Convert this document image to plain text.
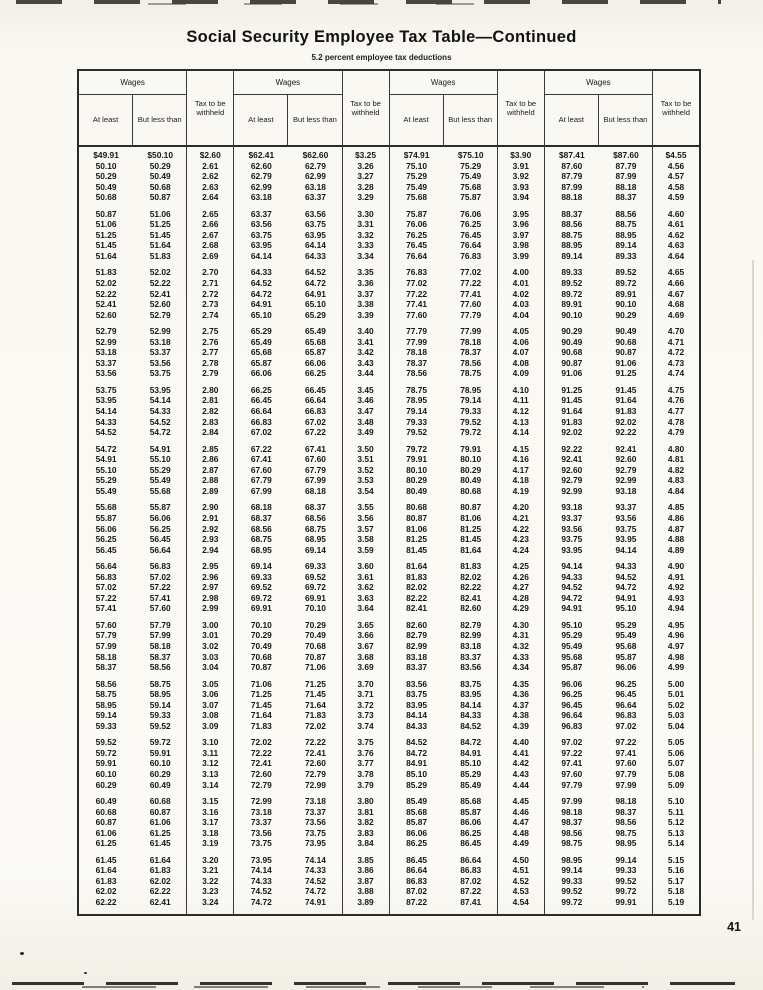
Social Security Employee Tax Table—Continued
5.2 percent employee tax deductions
Wages
At least	But less than
Tax to be withheld
$49.91	$50.10	$2.60
50.10	50.29	2.61
50.29	50.49	2.62
50.49	50.68	2.63
50.68	50.87	2.64
50.87	51.06	2.65
51.06	51.25	2.66
51.25	51.45	2.67
51.45	51.64	2.68
51.64	51.83	2.69
51.83	52.02	2.70
52.02	52.22	2.71
52.22	52.41	2.72
52.41	52.60	2.73
52.60	52.79	2.74
52.79	52.99	2.75
52.99	53.18	2.76
53.18	53.37	2.77
53.37	53.56	2.78
53.56	53.75	2.79
53.75	53.95	2.80
53.95	54.14	2.81
54.14	54.33	2.82
54.33	54.52	2.83
54.52	54.72	2.84
54.72	54.91	2.85
54.91	55.10	2.86
55.10	55.29	2.87
55.29	55.49	2.88
55.49	55.68	2.89
55.68	55.87	2.90
55.87	56.06	2.91
56.06	56.25	2.92
56.25	56.45	2.93
56.45	56.64	2.94
56.64	56.83	2.95
56.83	57.02	2.96
57.02	57.22	2.97
57.22	57.41	2.98
57.41	57.60	2.99
57.60	57.79	3.00
57.79	57.99	3.01
57.99	58.18	3.02
58.18	58.37	3.03
58.37	58.56	3.04
58.56	58.75	3.05
58.75	58.95	3.06
58.95	59.14	3.07
59.14	59.33	3.08
59.33	59.52	3.09
59.52	59.72	3.10
59.72	59.91	3.11
59.91	60.10	3.12
60.10	60.29	3.13
60.29	60.49	3.14
60.49	60.68	3.15
60.68	60.87	3.16
60.87	61.06	3.17
61.06	61.25	3.18
61.25	61.45	3.19
61.45	61.64	3.20
61.64	61.83	3.21
61.83	62.02	3.22
62.02	62.22	3.23
62.22	62.41	3.24
Wages
At least	But less than
Tax to be withheld
$62.41	$62.60	$3.25
62.60	62.79	3.26
62.79	62.99	3.27
62.99	63.18	3.28
63.18	63.37	3.29
63.37	63.56	3.30
63.56	63.75	3.31
63.75	63.95	3.32
63.95	64.14	3.33
64.14	64.33	3.34
64.33	64.52	3.35
64.52	64.72	3.36
64.72	64.91	3.37
64.91	65.10	3.38
65.10	65.29	3.39
65.29	65.49	3.40
65.49	65.68	3.41
65.68	65.87	3.42
65.87	66.06	3.43
66.06	66.25	3.44
66.25	66.45	3.45
66.45	66.64	3.46
66.64	66.83	3.47
66.83	67.02	3.48
67.02	67.22	3.49
67.22	67.41	3.50
67.41	67.60	3.51
67.60	67.79	3.52
67.79	67.99	3.53
67.99	68.18	3.54
68.18	68.37	3.55
68.37	68.56	3.56
68.56	68.75	3.57
68.75	68.95	3.58
68.95	69.14	3.59
69.14	69.33	3.60
69.33	69.52	3.61
69.52	69.72	3.62
69.72	69.91	3.63
69.91	70.10	3.64
70.10	70.29	3.65
70.29	70.49	3.66
70.49	70.68	3.67
70.68	70.87	3.68
70.87	71.06	3.69
71.06	71.25	3.70
71.25	71.45	3.71
71.45	71.64	3.72
71.64	71.83	3.73
71.83	72.02	3.74
72.02	72.22	3.75
72.22	72.41	3.76
72.41	72.60	3.77
72.60	72.79	3.78
72.79	72.99	3.79
72.99	73.18	3.80
73.18	73.37	3.81
73.37	73.56	3.82
73.56	73.75	3.83
73.75	73.95	3.84
73.95	74.14	3.85
74.14	74.33	3.86
74.33	74.52	3.87
74.52	74.72	3.88
74.72	74.91	3.89
Wages
At least	But less than
Tax to be withheld
$74.91	$75.10	$3.90
75.10	75.29	3.91
75.29	75.49	3.92
75.49	75.68	3.93
75.68	75.87	3.94
75.87	76.06	3.95
76.06	76.25	3.96
76.25	76.45	3.97
76.45	76.64	3.98
76.64	76.83	3.99
76.83	77.02	4.00
77.02	77.22	4.01
77.22	77.41	4.02
77.41	77.60	4.03
77.60	77.79	4.04
77.79	77.99	4.05
77.99	78.18	4.06
78.18	78.37	4.07
78.37	78.56	4.08
78.56	78.75	4.09
78.75	78.95	4.10
78.95	79.14	4.11
79.14	79.33	4.12
79.33	79.52	4.13
79.52	79.72	4.14
79.72	79.91	4.15
79.91	80.10	4.16
80.10	80.29	4.17
80.29	80.49	4.18
80.49	80.68	4.19
80.68	80.87	4.20
80.87	81.06	4.21
81.06	81.25	4.22
81.25	81.45	4.23
81.45	81.64	4.24
81.64	81.83	4.25
81.83	82.02	4.26
82.02	82.22	4.27
82.22	82.41	4.28
82.41	82.60	4.29
82.60	82.79	4.30
82.79	82.99	4.31
82.99	83.18	4.32
83.18	83.37	4.33
83.37	83.56	4.34
83.56	83.75	4.35
83.75	83.95	4.36
83.95	84.14	4.37
84.14	84.33	4.38
84.33	84.52	4.39
84.52	84.72	4.40
84.72	84.91	4.41
84.91	85.10	4.42
85.10	85.29	4.43
85.29	85.49	4.44
85.49	85.68	4.45
85.68	85.87	4.46
85.87	86.06	4.47
86.06	86.25	4.48
86.25	86.45	4.49
86.45	86.64	4.50
86.64	86.83	4.51
86.83	87.02	4.52
87.02	87.22	4.53
87.22	87.41	4.54
Wages
At least	But less than
Tax to be withheld
$87.41	$87.60	$4.55
87.60	87.79	4.56
87.79	87.99	4.57
87.99	88.18	4.58
88.18	88.37	4.59
88.37	88.56	4.60
88.56	88.75	4.61
88.75	88.95	4.62
88.95	89.14	4.63
89.14	89.33	4.64
89.33	89.52	4.65
89.52	89.72	4.66
89.72	89.91	4.67
89.91	90.10	4.68
90.10	90.29	4.69
90.29	90.49	4.70
90.49	90.68	4.71
90.68	90.87	4.72
90.87	91.06	4.73
91.06	91.25	4.74
91.25	91.45	4.75
91.45	91.64	4.76
91.64	91.83	4.77
91.83	92.02	4.78
92.02	92.22	4.79
92.22	92.41	4.80
92.41	92.60	4.81
92.60	92.79	4.82
92.79	92.99	4.83
92.99	93.18	4.84
93.18	93.37	4.85
93.37	93.56	4.86
93.56	93.75	4.87
93.75	93.95	4.88
93.95	94.14	4.89
94.14	94.33	4.90
94.33	94.52	4.91
94.52	94.72	4.92
94.72	94.91	4.93
94.91	95.10	4.94
95.10	95.29	4.95
95.29	95.49	4.96
95.49	95.68	4.97
95.68	95.87	4.98
95.87	96.06	4.99
96.06	96.25	5.00
96.25	96.45	5.01
96.45	96.64	5.02
96.64	96.83	5.03
96.83	97.02	5.04
97.02	97.22	5.05
97.22	97.41	5.06
97.41	97.60	5.07
97.60	97.79	5.08
97.79	97.99	5.09
97.99	98.18	5.10
98.18	98.37	5.11
98.37	98.56	5.12
98.56	98.75	5.13
98.75	98.95	5.14
98.95	99.14	5.15
99.14	99.33	5.16
99.33	99.52	5.17
99.52	99.72	5.18
99.72	99.91	5.19
41
